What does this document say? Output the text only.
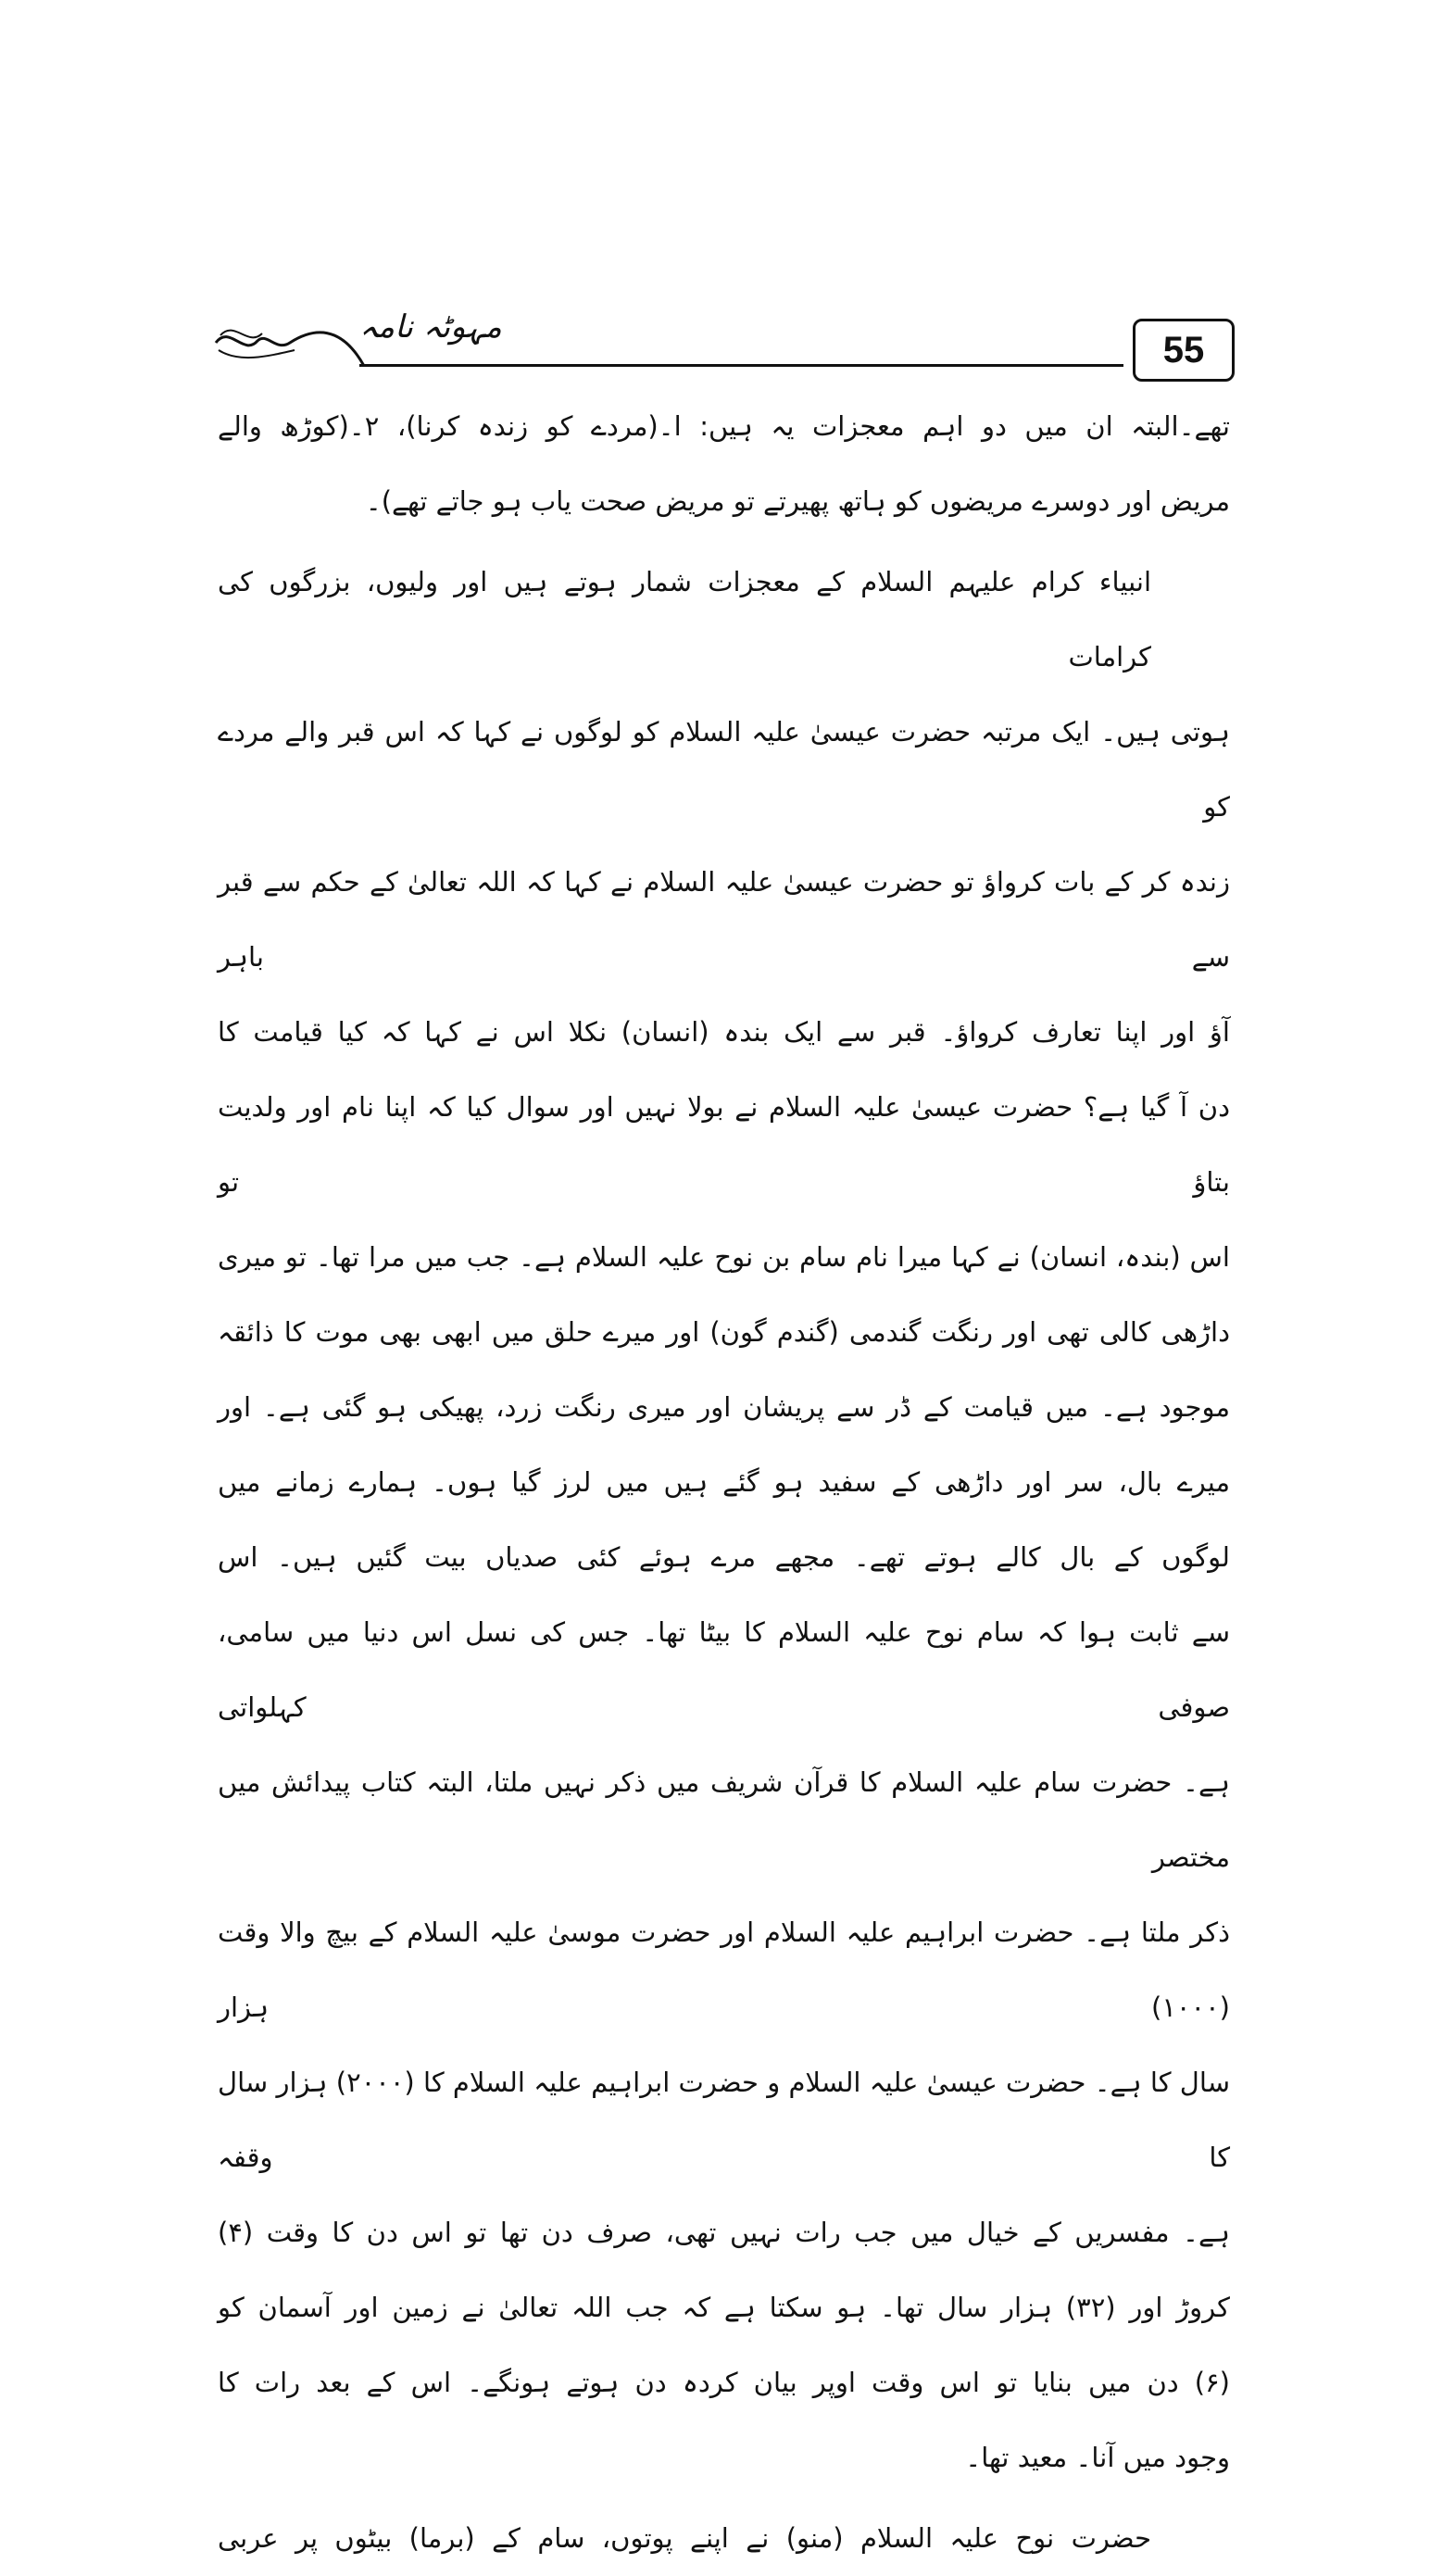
مہوٹہ نامہ
55
تھے۔البتہ ان میں دو اہم معجزات یہ ہیں: ا۔(مردے کو زندہ کرنا)، ۲۔(کوڑھ والے
مریض اور دوسرے مریضوں کو ہاتھ پھیرتے تو مریض صحت یاب ہو جاتے تھے)۔
انبیاء کرام علیہم السلام کے معجزات شمار ہوتے ہیں اور ولیوں، بزرگوں کی کرامات
ہوتی ہیں۔ ایک مرتبہ حضرت عیسیٰ علیہ السلام کو لوگوں نے کہا کہ اس قبر والے مردے کو
زندہ کر کے بات کرواؤ تو حضرت عیسیٰ علیہ السلام نے کہا کہ اللہ تعالیٰ کے حکم سے قبر سے باہر
آؤ اور اپنا تعارف کرواؤ۔ قبر سے ایک بندہ (انسان) نکلا اس نے کہا کہ کیا قیامت کا
دن آ گیا ہے؟ حضرت عیسیٰ علیہ السلام نے بولا نہیں اور سوال کیا کہ اپنا نام اور ولدیت بتاؤ تو
اس (بندہ، انسان) نے کہا میرا نام سام بن نوح علیہ السلام ہے۔ جب میں مرا تھا۔ تو میری
داڑھی کالی تھی اور رنگت گندمی (گندم گون) اور میرے حلق میں ابھی بھی موت کا ذائقہ
موجود ہے۔ میں قیامت کے ڈر سے پریشان اور میری رنگت زرد، پھیکی ہو گئی ہے۔ اور
میرے بال، سر اور داڑھی کے سفید ہو گئے ہیں میں لرز گیا ہوں۔ ہمارے زمانے میں
لوگوں کے بال کالے ہوتے تھے۔ مجھے مرے ہوئے کئی صدیاں بیت گئیں ہیں۔ اس
سے ثابت ہوا کہ سام نوح علیہ السلام کا بیٹا تھا۔ جس کی نسل اس دنیا میں سامی، صوفی کہلواتی
ہے۔ حضرت سام علیہ السلام کا قرآن شریف میں ذکر نہیں ملتا، البتہ کتاب پیدائش میں مختصر
ذکر ملتا ہے۔ حضرت ابراہیم علیہ السلام اور حضرت موسیٰ علیہ السلام کے بیچ والا وقت (۱۰۰۰) ہزار
سال کا ہے۔ حضرت عیسیٰ علیہ السلام و حضرت ابراہیم علیہ السلام کا (۲۰۰۰) ہزار سال کا وقفہ
ہے۔ مفسریں کے خیال میں جب رات نہیں تھی، صرف دن تھا تو اس دن کا وقت (۴)
کروڑ اور (۳۲) ہزار سال تھا۔ ہو سکتا ہے کہ جب اللہ تعالیٰ نے زمین اور آسمان کو
(۶) دن میں بنایا تو اس وقت اوپر بیان کردہ دن ہوتے ہونگے۔ اس کے بعد رات کا
وجود میں آنا۔ معید تھا۔
حضرت نوح علیہ السلام (منو) نے اپنے پوتوں، سام کے (برما) بیٹوں پر عربی
